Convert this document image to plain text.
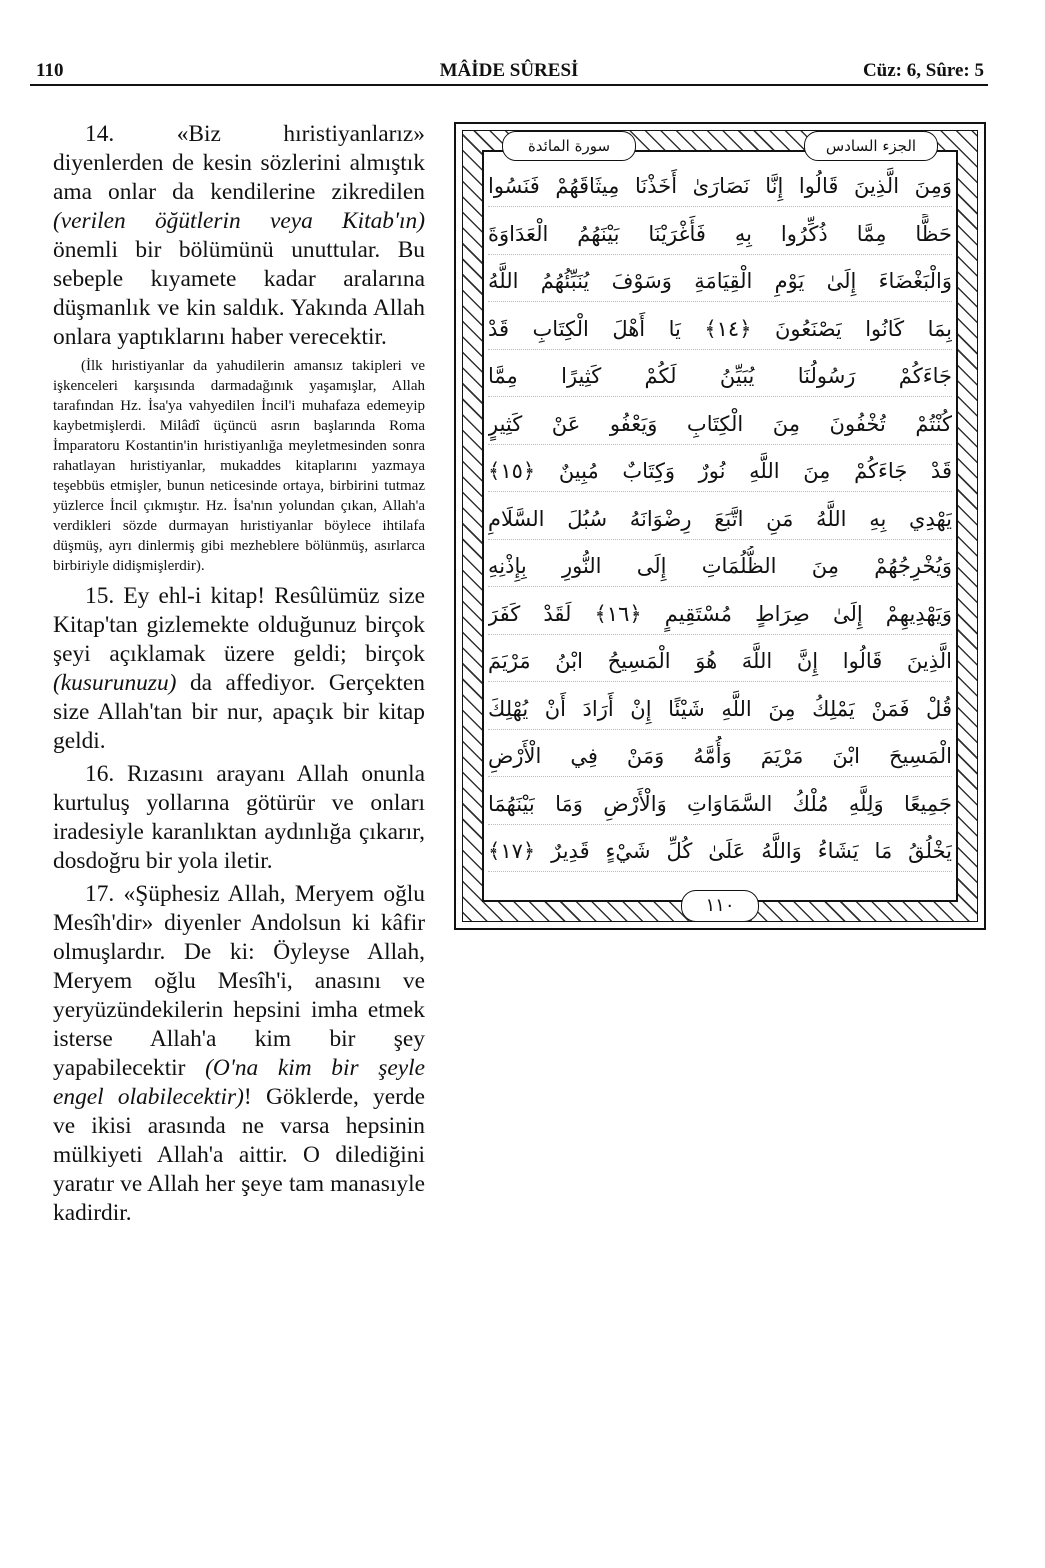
110	MÂİDE SÛRESİ	Cüz: 6, Sûre: 5

14. «Biz hıristiyanlarız» diyenlerden de kesin sözlerini almıştık ama onlar da kendilerine zikredilen (verilen öğütlerin veya Kitab'ın) önemli bir bölümünü unuttular. Bu sebeple kıyamete kadar aralarına düşmanlık ve kin saldık. Yakında Allah onlara yaptıklarını haber verecektir.

(İlk hıristiyanlar da yahudilerin amansız takipleri ve işkenceleri karşısında darmadağınık yaşamışlar, Allah tarafından Hz. İsa'ya vahyedilen İncil'i muhafaza edemeyip kaybetmişlerdi. Milâdî üçüncü asrın başlarında Roma İmparatoru Kostantin'in hıristiyanlığa meyletmesinden sonra rahatlayan hıristiyanlar, mukaddes kitaplarını yazmaya teşebbüs etmişler, bunun neticesinde ortaya, birbirini tutmaz yüzlerce İncil çıkmıştır. Hz. İsa'nın yolundan çıkan, Allah'a verdikleri sözde durmayan hıristiyanlar böylece ihtilafa düşmüş, ayrı dinlermiş gibi mezheblere bölünmüş, asırlarca birbiriyle didişmişlerdir).

15. Ey ehl-i kitap! Resûlümüz size Kitap'tan gizlemekte olduğunuz birçok şeyi açıklamak üzere geldi; birçok (kusurunuzu) da affediyor. Gerçekten size Allah'tan bir nur, apaçık bir kitap geldi.

16. Rızasını arayanı Allah onunla kurtuluş yollarına götürür ve onları iradesiyle karanlıktan aydınlığa çıkarır, dosdoğru bir yola iletir.

17. «Şüphesiz Allah, Meryem oğlu Mesîh'dir» diyenler Andolsun ki kâfir olmuşlardır. De ki: Öyleyse Allah, Meryem oğlu Mesîh'i, anasını ve yeryüzündekilerin hepsini imha etmek isterse Allah'a kim bir şey yapabilecektir (O'na kim bir şeyle engel olabilecektir)! Göklerde, yerde ve ikisi arasında ne varsa hepsinin mülkiyeti Allah'a aittir. O dilediğini yaratır ve Allah her şeye tam manasıyle kadirdir.

الجزء السادس
سورة المائدة
وَمِنَ الَّذِينَ قَالُوا إِنَّا نَصَارَىٰ أَخَذْنَا مِيثَاقَهُمْ فَنَسُوا
حَظًّا مِمَّا ذُكِّرُوا بِهِ فَأَغْرَيْنَا بَيْنَهُمُ الْعَدَاوَةَ
وَالْبَغْضَاءَ إِلَىٰ يَوْمِ الْقِيَامَةِ وَسَوْفَ يُنَبِّئُهُمُ اللَّهُ
بِمَا كَانُوا يَصْنَعُونَ ﴿١٤﴾ يَا أَهْلَ الْكِتَابِ قَدْ
جَاءَكُمْ رَسُولُنَا يُبَيِّنُ لَكُمْ كَثِيرًا مِمَّا
كُنْتُمْ تُخْفُونَ مِنَ الْكِتَابِ وَيَعْفُو عَنْ كَثِيرٍ
قَدْ جَاءَكُمْ مِنَ اللَّهِ نُورٌ وَكِتَابٌ مُبِينٌ ﴿١٥﴾
يَهْدِي بِهِ اللَّهُ مَنِ اتَّبَعَ رِضْوَانَهُ سُبُلَ السَّلَامِ
وَيُخْرِجُهُمْ مِنَ الظُّلُمَاتِ إِلَى النُّورِ بِإِذْنِهِ
وَيَهْدِيهِمْ إِلَىٰ صِرَاطٍ مُسْتَقِيمٍ ﴿١٦﴾ لَقَدْ كَفَرَ
الَّذِينَ قَالُوا إِنَّ اللَّهَ هُوَ الْمَسِيحُ ابْنُ مَرْيَمَ
قُلْ فَمَنْ يَمْلِكُ مِنَ اللَّهِ شَيْئًا إِنْ أَرَادَ أَنْ يُهْلِكَ
الْمَسِيحَ ابْنَ مَرْيَمَ وَأُمَّهُ وَمَنْ فِي الْأَرْضِ
جَمِيعًا وَلِلَّهِ مُلْكُ السَّمَاوَاتِ وَالْأَرْضِ وَمَا بَيْنَهُمَا
يَخْلُقُ مَا يَشَاءُ وَاللَّهُ عَلَىٰ كُلِّ شَيْءٍ قَدِيرٌ ﴿١٧﴾
١١٠
